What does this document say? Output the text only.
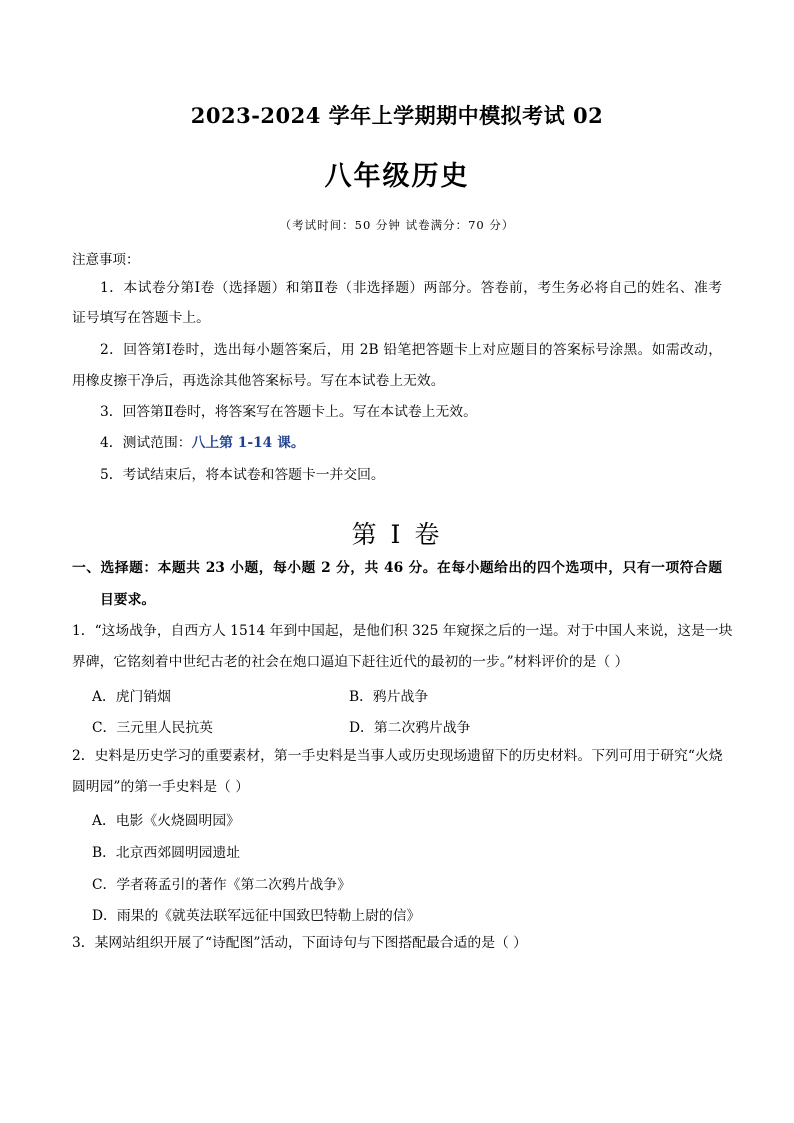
2023-2024 学年上学期期中模拟考试 02
八年级历史
（考试时间：50 分钟 试卷满分：70 分）
注意事项：
1．本试卷分第Ⅰ卷（选择题）和第Ⅱ卷（非选择题）两部分。答卷前，考生务必将自己的姓名、准考
证号填写在答题卡上。
2．回答第Ⅰ卷时，选出每小题答案后，用 2B 铅笔把答题卡上对应题目的答案标号涂黑。如需改动，
用橡皮擦干净后，再选涂其他答案标号。写在本试卷上无效。
3．回答第Ⅱ卷时，将答案写在答题卡上。写在本试卷上无效。
4．测试范围：八上第 1-14 课。
5．考试结束后，将本试卷和答题卡一并交回。
第 I 卷
一、选择题：本题共 23 小题，每小题 2 分，共 46 分。在每小题给出的四个选项中，只有一项符合题
目要求。
1．“这场战争，自西方人 1514 年到中国起，是他们积 325 年窥探之后的一逞。对于中国人来说，这是一块
界碑，它铭刻着中世纪古老的社会在炮口逼迫下赶往近代的最初的一步。”材料评价的是（ ）
A．虎门销烟	B．鸦片战争
C．三元里人民抗英	D．第二次鸦片战争
2．史料是历史学习的重要素材，第一手史料是当事人或历史现场遗留下的历史材料。下列可用于研究“火烧
圆明园”的第一手史料是（ ）
A．电影《火烧圆明园》
B．北京西郊圆明园遗址
C．学者蒋孟引的著作《第二次鸦片战争》
D．雨果的《就英法联军远征中国致巴特勒上尉的信》
3．某网站组织开展了“诗配图”活动，下面诗句与下图搭配最合适的是（ ）
